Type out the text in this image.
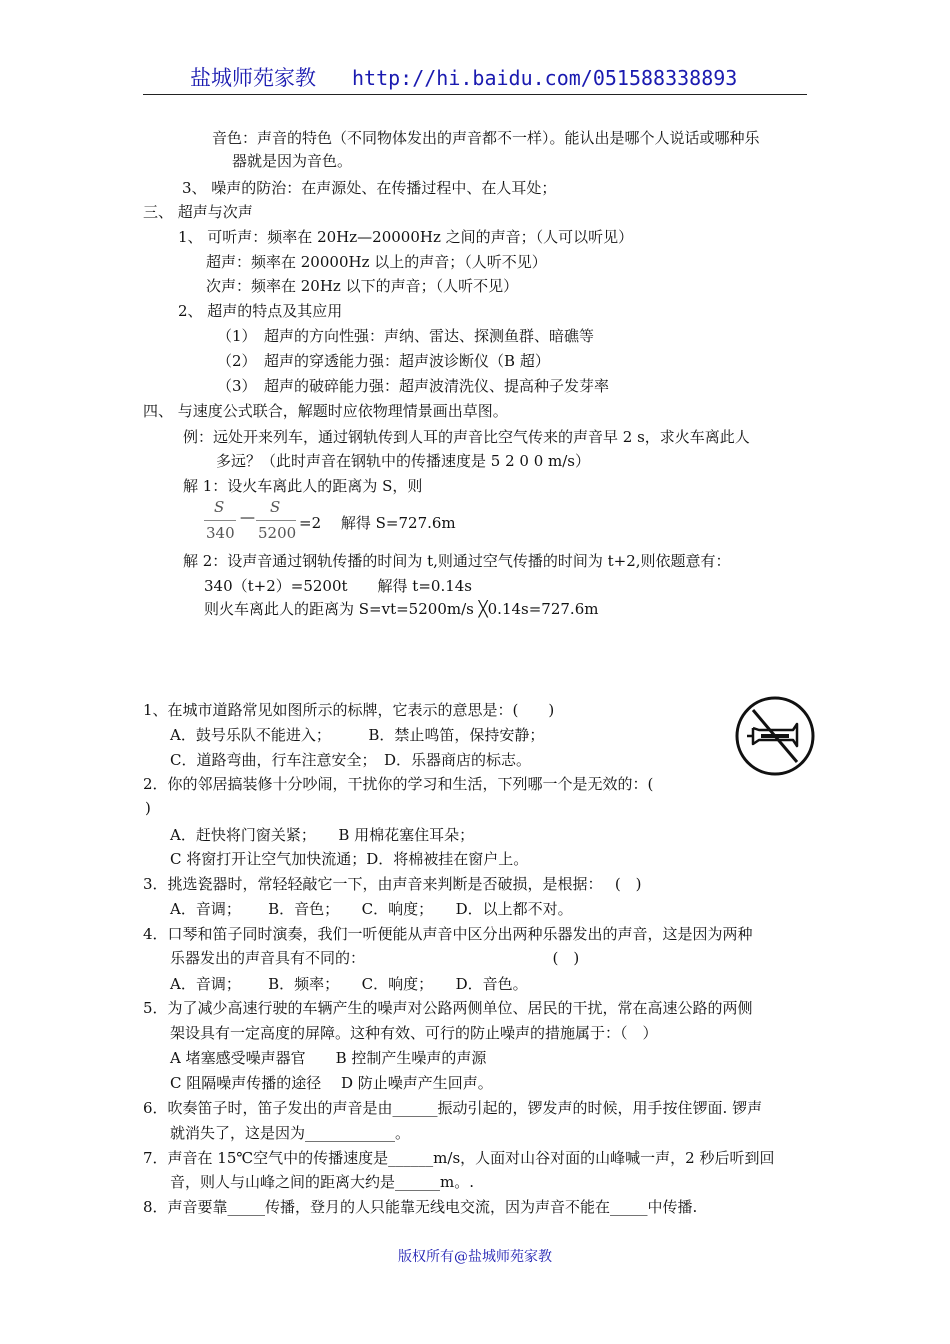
盐城师苑家教 http://hi.baidu.com/051588338893
音色：声音的特色（不同物体发出的声音都不一样）。能认出是哪个人说话或哪种乐
器就是因为音色。
3、 噪声的防治：在声源处、在传播过程中、在人耳处；
三、 超声与次声
1、 可听声：频率在 20Hz—20000Hz 之间的声音；（人可以听见）
超声：频率在 20000Hz 以上的声音；（人听不见）
次声：频率在 20Hz 以下的声音；（人听不见）
2、 超声的特点及其应用
（1）　超声的方向性强：声纳、雷达、探测鱼群、暗礁等
（2）　超声的穿透能力强：超声波诊断仪（B 超）
（3）　超声的破碎能力强：超声波清洗仪、提高种子发芽率
四、 与速度公式联合，解题时应依物理情景画出草图。
例：远处开来列车，通过钢轨传到人耳的声音比空气传来的声音早 2 s，求火车离此人
多远？（此时声音在钢轨中的传播速度是 5 2 0 0 m/s）
解 1：设火车离此人的距离为 S，则
S
340
—
S
5200
=2　 解得 S=727.6m
解 2：设声音通过钢轨传播的时间为 t,则通过空气传播的时间为 t+2,则依题意有：
340（t+2）=5200t　　解得 t=0.14s
则火车离此人的距离为 S=vt=5200m/s ╳0.14s=727.6m
1、在城市道路常见如图所示的标牌，它表示的意思是：(　　)
A．鼓号乐队不能进入；　　　B．禁止鸣笛，保持安静；
C．道路弯曲，行车注意安全；　D．乐器商店的标志。
2．你的邻居搞装修十分吵闹，干扰你的学习和生活，下列哪一个是无效的：(
)
A．赶快将门窗关紧；　　B 用棉花塞住耳朵；
C 将窗打开让空气加快流通；D．将棉被挂在窗户上。
3．挑选瓷器时，常轻轻敲它一下，由声音来判断是否破损，是根据：　 (　)
A．音调；　　 B．音色；　　C．响度；　　D．以上都不对。
4．口琴和笛子同时演奏，我们一听便能从声音中区分出两种乐器发出的声音，这是因为两种
乐器发出的声音具有不同的：　　　　　　　　　　　　　(　)
A．音调；　　 B．频率；　　C．响度；　　D．音色。
5．为了减少高速行驶的车辆产生的噪声对公路两侧单位、居民的干扰，常在高速公路的两侧
架设具有一定高度的屏障。这种有效、可行的防止噪声的措施属于：（　）
A 堵塞感受噪声器官　　B 控制产生噪声的声源
C 阻隔噪声传播的途径　 D 防止噪声产生回声。
6．吹奏笛子时，笛子发出的声音是由______振动引起的，锣发声的时候，用手按住锣面. 锣声
就消失了，这是因为____________。
7．声音在 15℃空气中的传播速度是______m/s，人面对山谷对面的山峰喊一声，2 秒后听到回
音，则人与山峰之间的距离大约是______m。.
8．声音要靠_____传播，登月的人只能靠无线电交流，因为声音不能在_____中传播.
版权所有@盐城师苑家教
